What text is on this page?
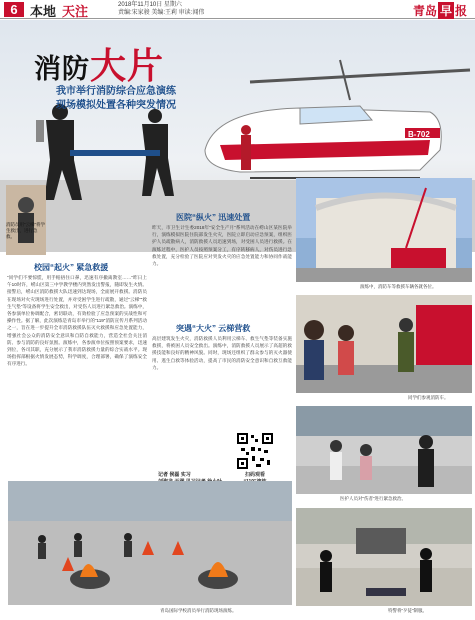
6 本地 天注	2018年11月10日 星期六
责编:宋家骏 美编:王莉 审读:闻伟	青岛 早 报
B-702
消防大片
我市举行消防综合应急演练
现场模拟处置各种突发情况
消防员用“云梯”将学生救出，进行急救。
校园“起火” 紧急救援
“同学们不要惊慌，用手帕捂住口鼻，迅速有序撤离教室……”昨日上午10时许，崂山区第三中学教学楼内突然发出警报，随即发生火情。接警后，崂山区消防救援大队迅速到达现场，全面展开救援。消防员在现场对火灾现场进行处置，并对受困学生进行疏散，通过“云梯”“救生气垫”等设备将学生安全救出，对受伤人员进行紧急救治。演练中，各参演单位协调配合，密切联动，有效检验了应急预案的实战性和可操作性。据了解，此次演练是青岛市举行的“119”消防宣传月系列活动之一，旨在进一步提升全市消防救援队伍灭火救援和应急处置能力，增强社会公众的消防安全意识和自防自救能力，营造全社会关注消防、参与消防的良好氛围。演练中，各参演单位按照预案要求，迅速到位，各司其职，充分展示了我市消防救援力量的综合实战水平。现场指挥部根据火情发展态势，科学调度，合理部署，确保了演练安全有序进行。
医院“纵火” 迅速处置
昨天，市卫生计生委2018年“安全生产月”系列活动在崂山区某医院举行，演练模拟医院住院部发生火灾，医院立即启动应急预案，组织医护人员疏散病人，消防救援人员迅速到场，对受困人员进行救援。在演练过程中，医护人员按照预案分工，有序转移病人，对伤员进行急救处置，充分检验了医院应对突发火灾的应急处置能力和协同作战能力。
突遇“大火” 云梯营救
高层建筑发生火灾，消防救援人员利用云梯车、救生气垫等装备实施救援，将被困人员安全救出。演练中，消防救援人员展示了高超的救援技能和良好的精神风貌。同时，现场还组织了群众参与的灭火器使用、逃生自救等体验活动，提高了市民的消防安全意识和自救互救能力。
扫码观看
记者 侯磊 实习
演练中，消防车等救援车辆各就各位。
同学们参观消防车。
医护人员对“伤者”进行紧急救治。
特警将“歹徒”制服。
青岛国际学校消员举行消防现场演练。
